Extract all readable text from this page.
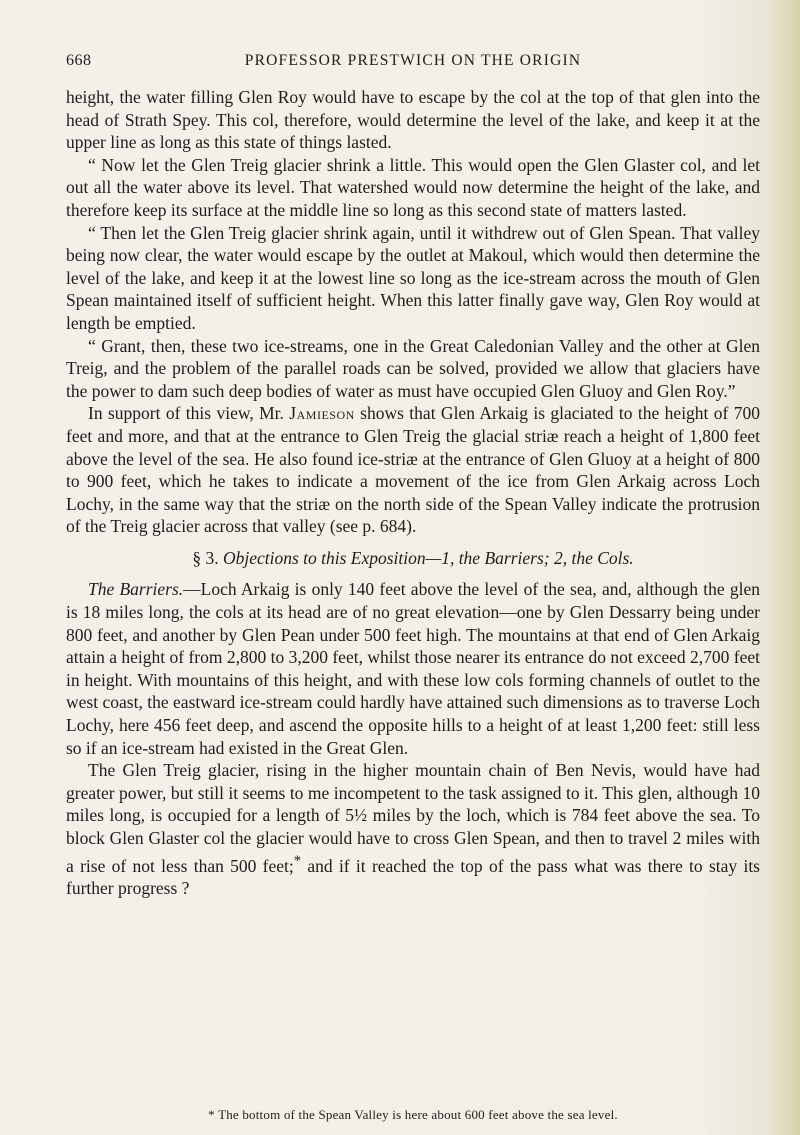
668	PROFESSOR PRESTWICH ON THE ORIGIN

height, the water filling Glen Roy would have to escape by the col at the top of that glen into the head of Strath Spey. This col, therefore, would determine the level of the lake, and keep it at the upper line as long as this state of things lasted.

“ Now let the Glen Treig glacier shrink a little. This would open the Glen Glaster col, and let out all the water above its level. That watershed would now determine the height of the lake, and therefore keep its surface at the middle line so long as this second state of matters lasted.

“ Then let the Glen Treig glacier shrink again, until it withdrew out of Glen Spean. That valley being now clear, the water would escape by the outlet at Makoul, which would then determine the level of the lake, and keep it at the lowest line so long as the ice-stream across the mouth of Glen Spean maintained itself of sufficient height. When this latter finally gave way, Glen Roy would at length be emptied.

“ Grant, then, these two ice-streams, one in the Great Caledonian Valley and the other at Glen Treig, and the problem of the parallel roads can be solved, provided we allow that glaciers have the power to dam such deep bodies of water as must have occupied Glen Gluoy and Glen Roy.”

In support of this view, Mr. Jamieson shows that Glen Arkaig is glaciated to the height of 700 feet and more, and that at the entrance to Glen Treig the glacial striæ reach a height of 1,800 feet above the level of the sea. He also found ice-striæ at the entrance of Glen Gluoy at a height of 800 to 900 feet, which he takes to indicate a movement of the ice from Glen Arkaig across Loch Lochy, in the same way that the striæ on the north side of the Spean Valley indicate the protrusion of the Treig glacier across that valley (see p. 684).

§ 3. Objections to this Exposition—1, the Barriers; 2, the Cols.

The Barriers.—Loch Arkaig is only 140 feet above the level of the sea, and, although the glen is 18 miles long, the cols at its head are of no great elevation—one by Glen Dessarry being under 800 feet, and another by Glen Pean under 500 feet high. The mountains at that end of Glen Arkaig attain a height of from 2,800 to 3,200 feet, whilst those nearer its entrance do not exceed 2,700 feet in height. With mountains of this height, and with these low cols forming channels of outlet to the west coast, the eastward ice-stream could hardly have attained such dimensions as to traverse Loch Lochy, here 456 feet deep, and ascend the opposite hills to a height of at least 1,200 feet: still less so if an ice-stream had existed in the Great Glen.

The Glen Treig glacier, rising in the higher mountain chain of Ben Nevis, would have had greater power, but still it seems to me incompetent to the task assigned to it. This glen, although 10 miles long, is occupied for a length of 5½ miles by the loch, which is 784 feet above the sea. To block Glen Glaster col the glacier would have to cross Glen Spean, and then to travel 2 miles with a rise of not less than 500 feet;* and if it reached the top of the pass what was there to stay its further progress ?

* The bottom of the Spean Valley is here about 600 feet above the sea level.
